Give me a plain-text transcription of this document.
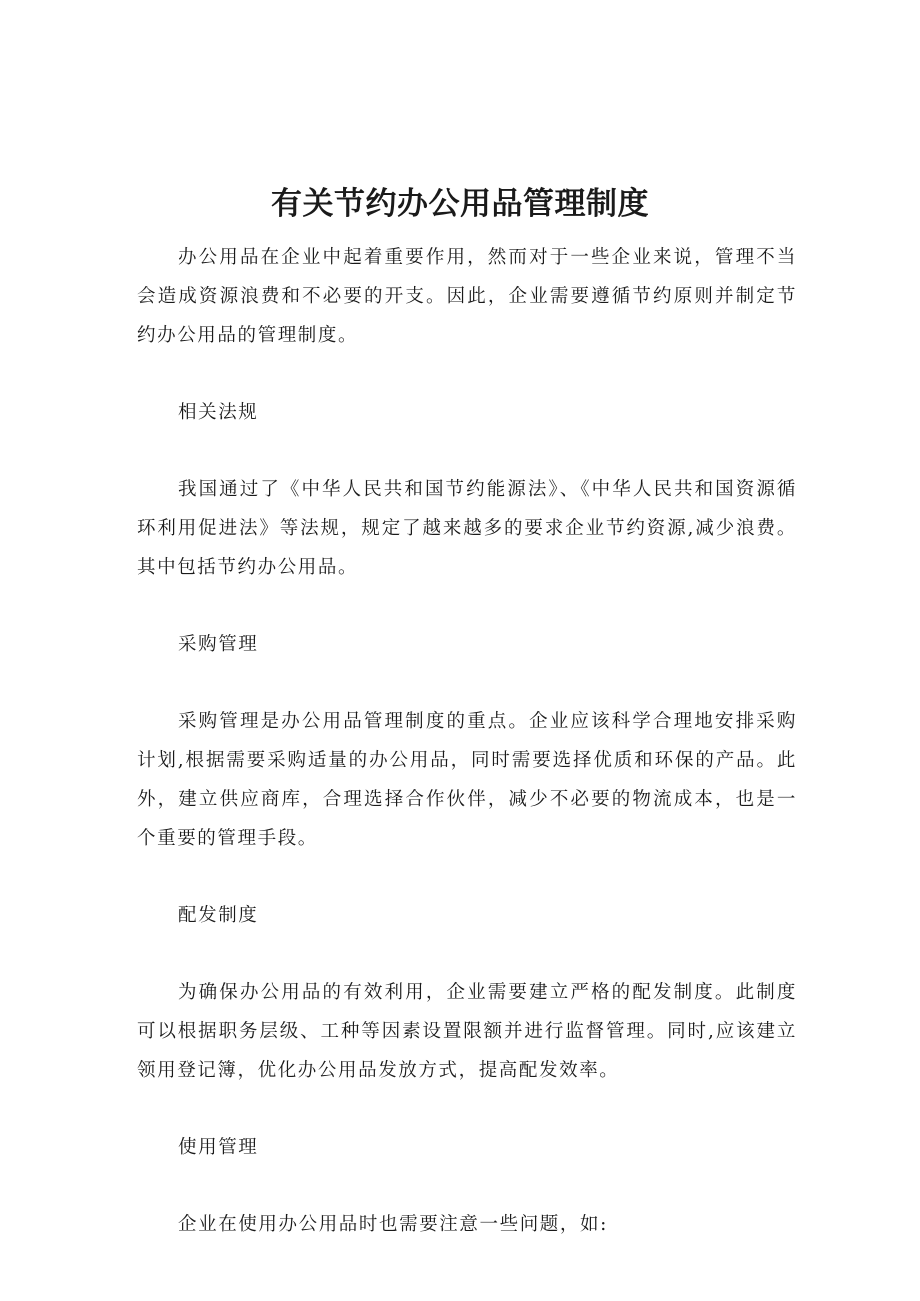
有关节约办公用品管理制度

办公用品在企业中起着重要作用，然而对于一些企业来说，管理不当会造成资源浪费和不必要的开支。因此，企业需要遵循节约原则并制定节约办公用品的管理制度。

相关法规

我国通过了《中华人民共和国节约能源法》、《中华人民共和国资源循环利用促进法》等法规，规定了越来越多的要求企业节约资源,减少浪费。其中包括节约办公用品。

采购管理

采购管理是办公用品管理制度的重点。企业应该科学合理地安排采购计划,根据需要采购适量的办公用品，同时需要选择优质和环保的产品。此外，建立供应商库，合理选择合作伙伴，减少不必要的物流成本，也是一个重要的管理手段。

配发制度

为确保办公用品的有效利用，企业需要建立严格的配发制度。此制度可以根据职务层级、工种等因素设置限额并进行监督管理。同时,应该建立领用登记簿，优化办公用品发放方式，提高配发效率。

使用管理

企业在使用办公用品时也需要注意一些问题，如:
